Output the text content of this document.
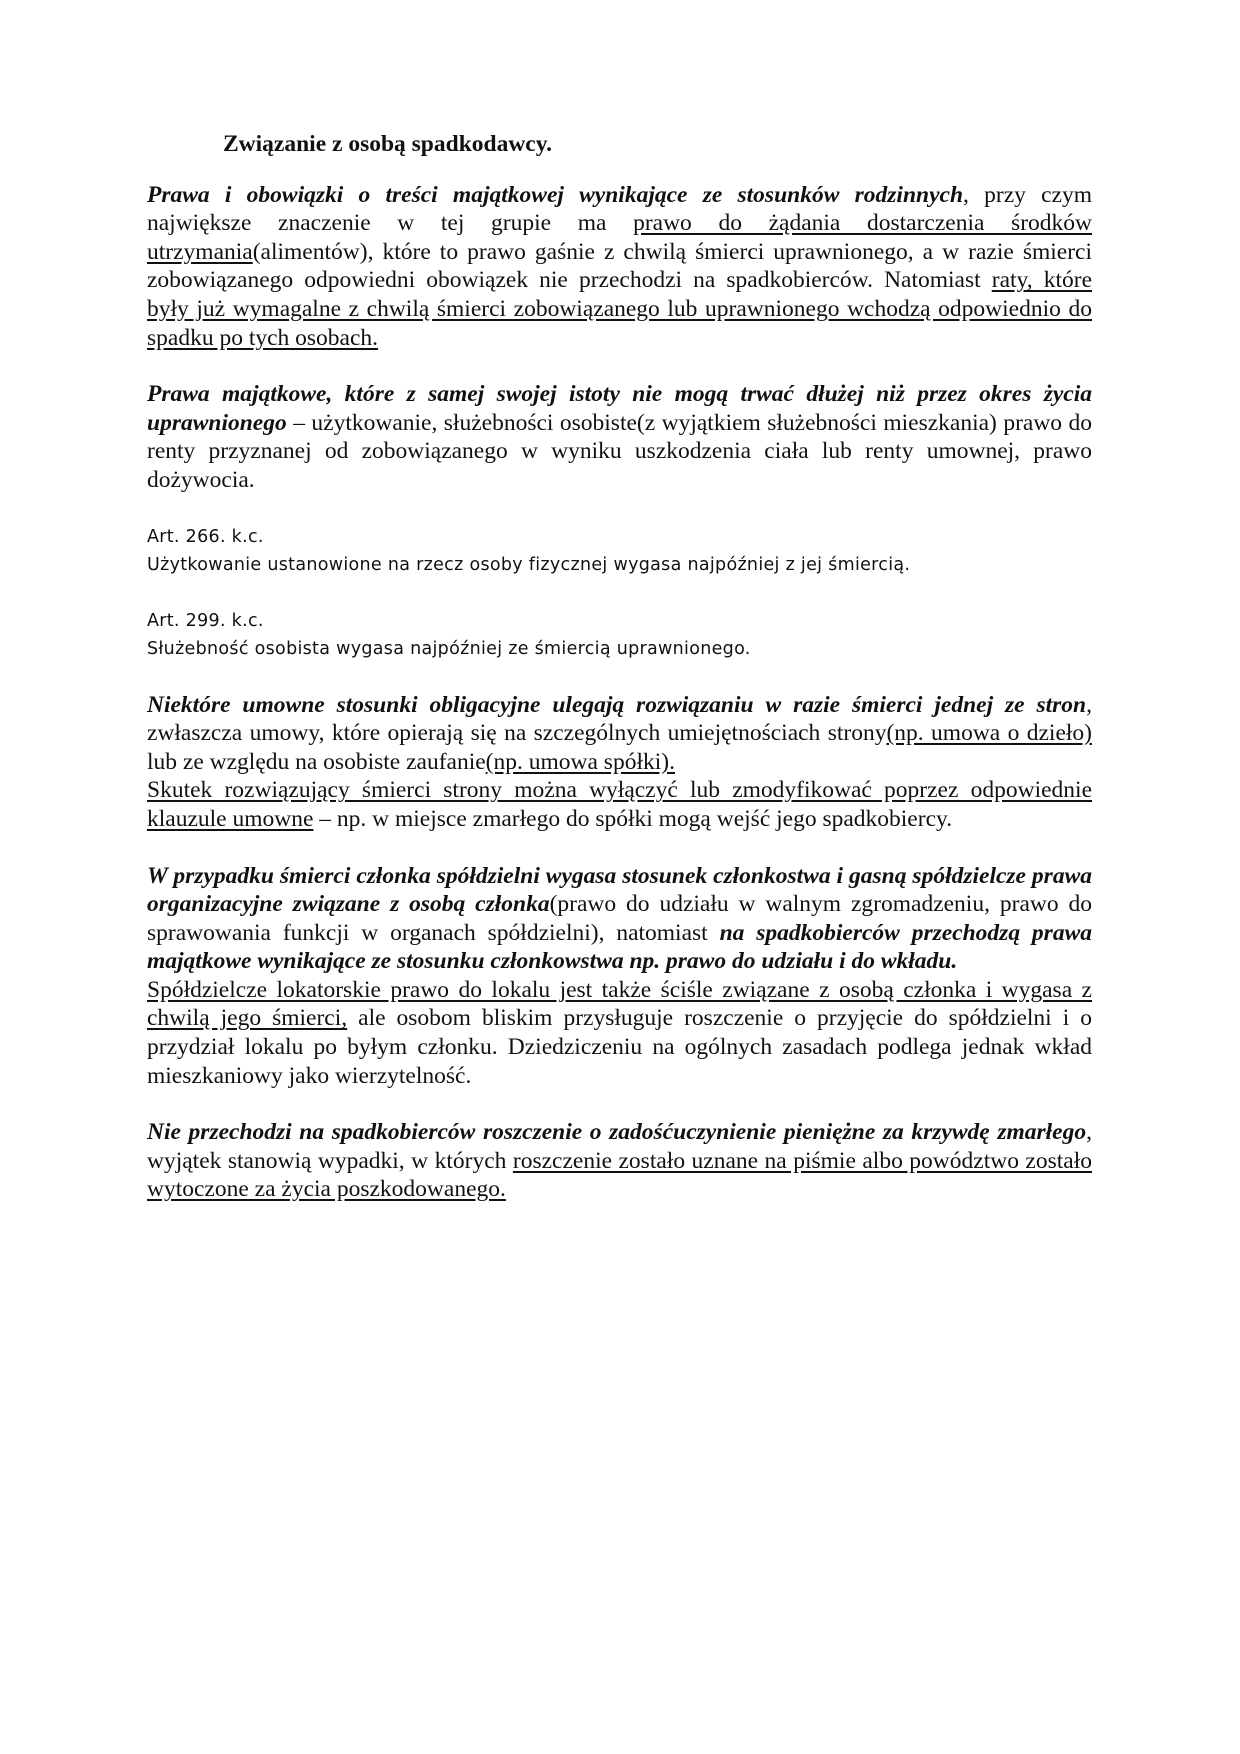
Związanie z osobą spadkodawcy.

Prawa i obowiązki o treści majątkowej wynikające ze stosunków rodzinnych, przy czym największe znaczenie w tej grupie ma prawo do żądania dostarczenia środków utrzymania(alimentów), które to prawo gaśnie z chwilą śmierci uprawnionego, a w razie śmierci zobowiązanego odpowiedni obowiązek nie przechodzi na spadkobierców. Natomiast raty, które były już wymagalne z chwilą śmierci zobowiązanego lub uprawnionego wchodzą odpowiednio do spadku po tych osobach.

Prawa majątkowe, które z samej swojej istoty nie mogą trwać dłużej niż przez okres życia uprawnionego – użytkowanie, służebności osobiste(z wyjątkiem służebności mieszkania) prawo do renty przyznanej od zobowiązanego w wyniku uszkodzenia ciała lub renty umownej, prawo dożywocia.

Art. 266. k.c.
Użytkowanie ustanowione na rzecz osoby fizycznej wygasa najpóźniej z jej śmiercią.
Art. 299. k.c.
Służebność osobista wygasa najpóźniej ze śmiercią uprawnionego.

Niektóre umowne stosunki obligacyjne ulegają rozwiązaniu w razie śmierci jednej ze stron, zwłaszcza umowy, które opierają się na szczególnych umiejętnościach strony(np. umowa o dzieło) lub ze względu na osobiste zaufanie(np. umowa spółki).
Skutek rozwiązujący śmierci strony można wyłączyć lub zmodyfikować poprzez odpowiednie klauzule umowne – np. w miejsce zmarłego do spółki mogą wejść jego spadkobiercy.

W przypadku śmierci członka spółdzielni wygasa stosunek członkostwa i gasną spółdzielcze prawa organizacyjne związane z osobą członka(prawo do udziału w walnym zgromadzeniu, prawo do sprawowania funkcji w organach spółdzielni), natomiast na spadkobierców przechodzą prawa majątkowe wynikające ze stosunku członkowstwa np. prawo do udziału i do wkładu.
Spółdzielcze lokatorskie prawo do lokalu jest także ściśle związane z osobą członka i wygasa z chwilą jego śmierci, ale osobom bliskim przysługuje roszczenie o przyjęcie do spółdzielni i o przydział lokalu po byłym członku. Dziedziczeniu na ogólnych zasadach podlega jednak wkład mieszkaniowy jako wierzytelność.

Nie przechodzi na spadkobierców roszczenie o zadośćuczynienie pieniężne za krzywdę zmarłego, wyjątek stanowią wypadki, w których roszczenie zostało uznane na piśmie albo powództwo zostało wytoczone za życia poszkodowanego.
